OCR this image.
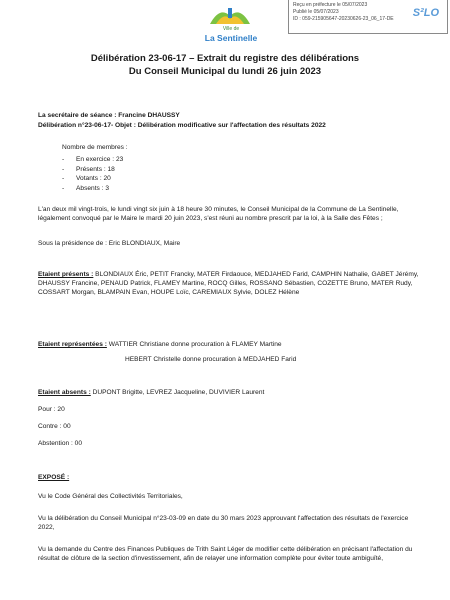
Ville de
La Sentinelle
Reçu en préfecture le 05/07/2023
Publié le 05/07/2023
ID : 059-215905647-20230626-23_06_17-DE	S²LO
Délibération 23-06-17 – Extrait du registre des délibérations
Du Conseil Municipal du lundi 26 juin 2023
La secrétaire de séance : Francine DHAUSSY
Délibération n°23-06-17- Objet : Délibération modificative sur l'affectation des résultats 2022
Nombre de membres :
-	En exercice : 23
-	Présents : 18
-	Votants : 20
-	Absents : 3
L'an deux mil vingt-trois, le lundi vingt six juin à 18 heure 30 minutes, le Conseil Municipal de la Commune de La Sentinelle, légalement convoqué par le Maire le mardi 20 juin 2023, s'est réuni au nombre prescrit par la loi, à la Salle des Fêtes ;
Sous la présidence de : Eric BLONDIAUX, Maire
Etaient présents : BLONDIAUX Éric, PETIT Francky, MATER Firdaouce, MEDJAHED Farid, CAMPHIN Nathalie, GABET Jérémy, DHAUSSY Francine, PENAUD Patrick, FLAMEY Martine, ROCQ Gilles, ROSSANO Sébastien, COZETTE Bruno, MATER Rudy, COSSART Morgan, BLAMPAIN Evan, HOUPE Loïc, CAREMIAUX Sylvie, DOLEZ Hélène
Etaient représentées : WATTIER Christiane donne procuration à FLAMEY Martine
HEBERT Christelle donne procuration à MEDJAHED Farid
Etaient absents : DUPONT Brigitte, LEVREZ Jacqueline, DUVIVIER Laurent
Pour : 20
Contre : 00
Abstention : 00
EXPOSÉ :
Vu le Code Général des Collectivités Territoriales,
Vu la délibération du Conseil Municipal n°23-03-09 en date du 30 mars 2023 approuvant l'affectation des résultats de l'exercice 2022,
Vu la demande du Centre des Finances Publiques de Trith Saint Léger de modifier cette délibération en précisant l'affectation du résultat de clôture de la section d'investissement, afin de relayer une information complète pour éviter toute ambiguïté,
